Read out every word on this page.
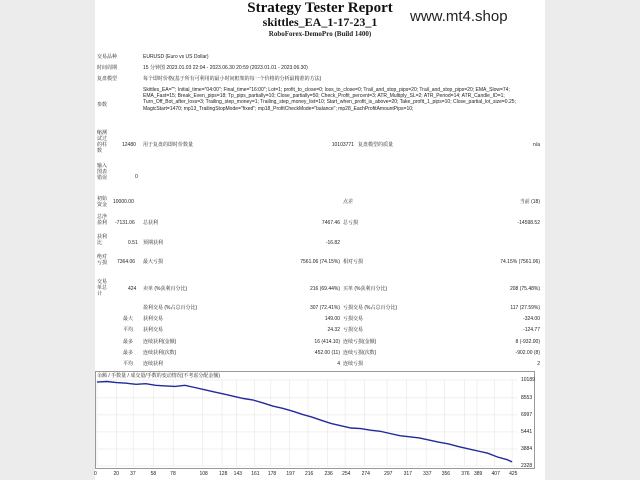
Strategy Tester Report
skittles_EA_1-17-23_1
RoboForex-DemoPro (Build 1400)
www.mt4.shop
交易品种	EURUSD (Euro vs US Dollar)
时间周期	15 分钟图 2023.01.03 22:04 - 2023.06.30 20:59 (2023.01.01 - 2023.06.30)
复盘模型	每个即时价格(基于所有可利用的最小时间框架的每一个价格的分析最精准的方法)
参数
Skittles_EA=""; Initial_time="04:00"; Final_time="16:00"; Lot=1; profit_to_close=0; loss_to_close=0; Trail_and_stop_pips=20; Trail_and_stop_pips=20; EMA_Slow=74; EMA_Fast=15; Break_Even_pips=18; Tp_pips_partially=10; Close_partially=50; Check_Profit_percent=3; ATR_Multiply_SL=2; ATR_Period=14; ATR_Candle_ID=1; Turn_Off_Bot_after_loss=3; Trailing_step_money=1; Trailing_step_money_list=10; Start_when_profit_is_above=20; Take_profit_1_pips=10; Close_partial_lot_size=0.25; MagicStart=1470; mp13_TrailingStopMode="fixed"; mp18_ProfitCheckMode="balance"; mp28_EachProfitAmountPips=10;
缩测试过的柱数
12480 用于复盘的即时价数量	10103771 复盘模型的质量	n/a
输入图表错误	0
初始资金	10000.00	点差	当前 (18)
总净盈利	-7131.06 总获利	7467.46 总亏损	-14598.52
获利比	0.51 预期获利	-16.82
绝对亏损	7364.06 最大亏损	7561.06 (74.15%) 相对亏损	74.15% (7561.06)
交易单总计
424 卖单 (%获利百分比)	216 (69.44%) 买单 (%获利百分比)	208 (75.48%)
盈利交易 (%占总百分比)	307 (72.41%) 亏损交易 (%占总百分比)	117 (27.59%)
最大 获利交易	149.00 亏损交易	-324.00
平均 获利交易	24.32 亏损交易	-124.77
最多 连续获利(金额)	16 (414.10) 连续亏损(金额)	8 (-932.00)
最多 连续获利(次数)	452.00 (11) 连续亏损(次数)	-902.00 (8)
平均 连续获利	4 连续亏损	2
余额 / 手数量 / 成交量/手数的变动情况(不考虑分配金额)
10189
8553
6997
5441
3884
2328
0	20 37	58	78	108 128 143 161 178 197 216 236 254 274	297 317 337 356 376 389 407 425
